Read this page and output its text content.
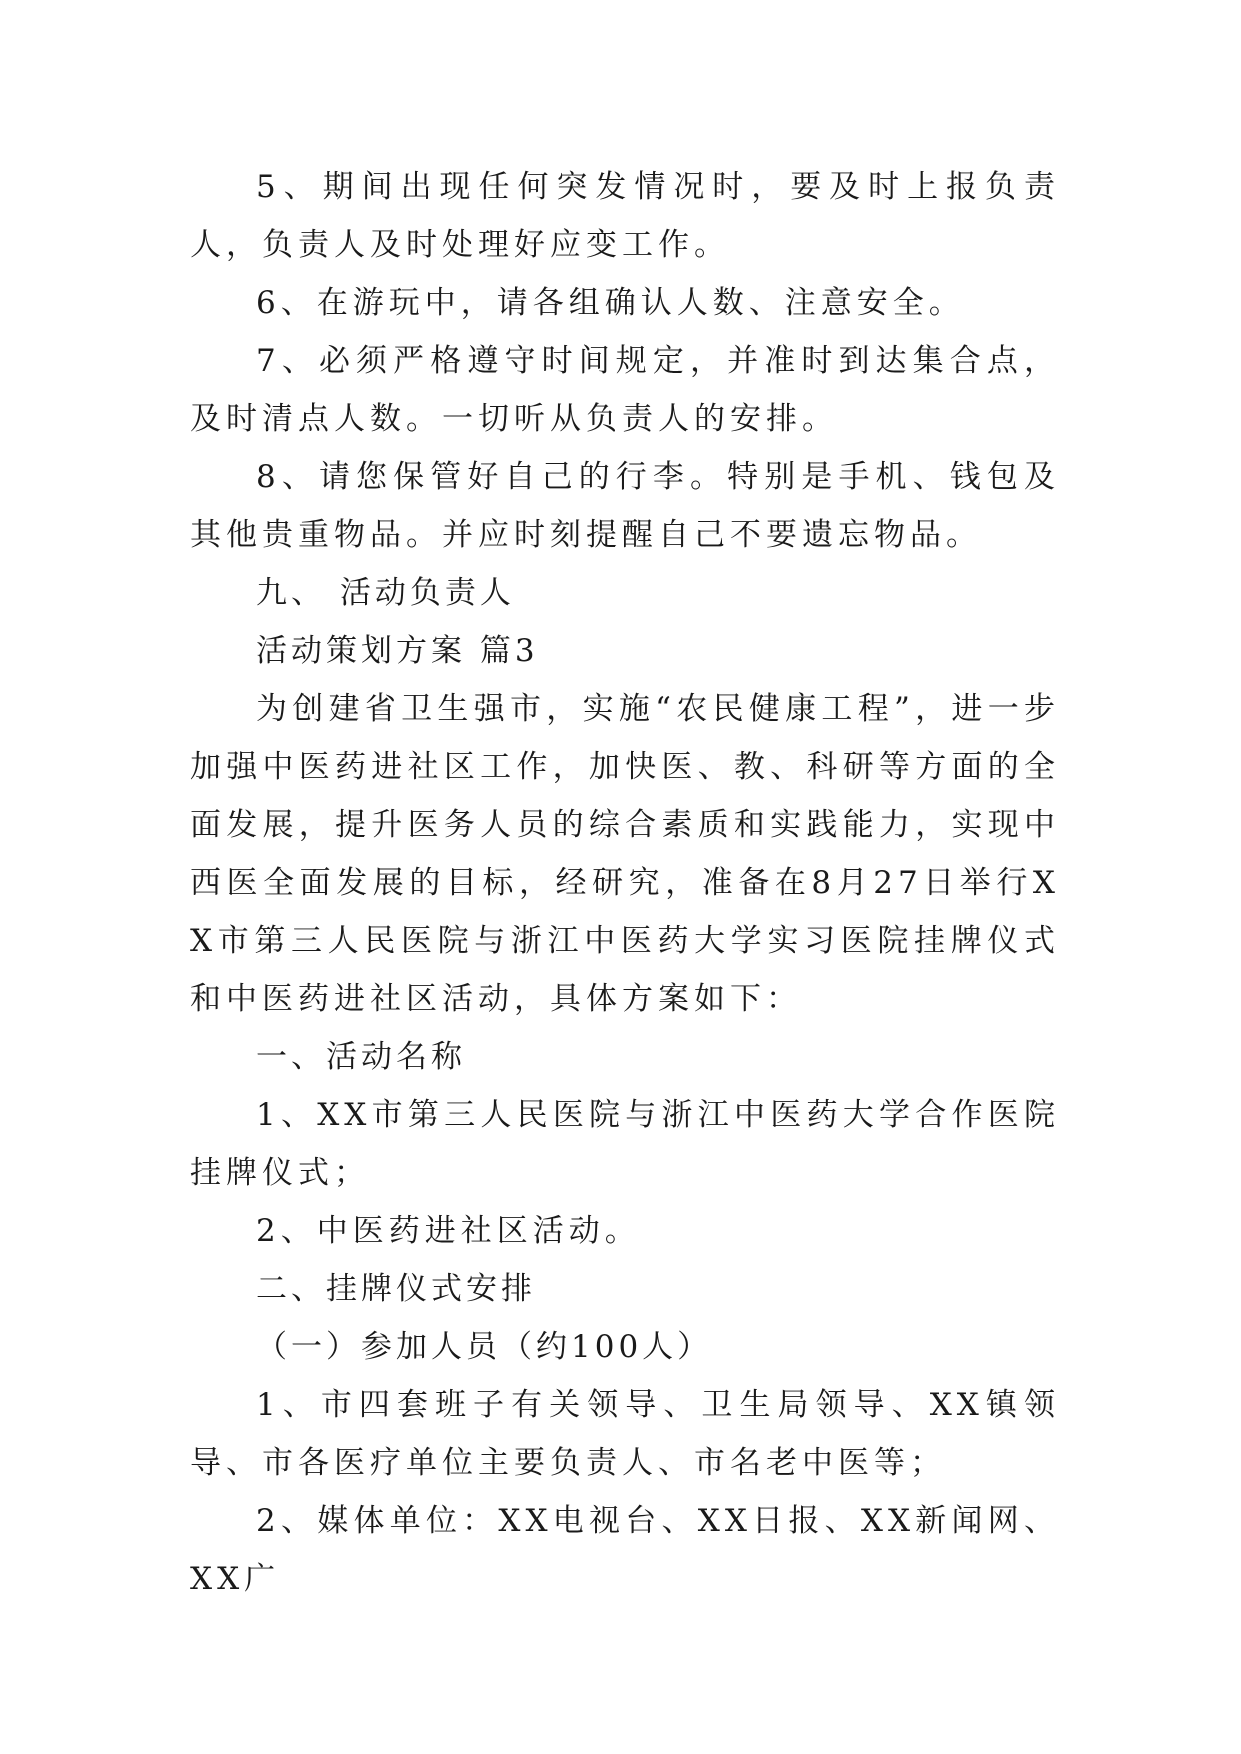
5、期间出现任何突发情况时，要及时上报负责人，负责人及时处理好应变工作。

6、在游玩中，请各组确认人数、注意安全。

7、必须严格遵守时间规定，并准时到达集合点，及时清点人数。一切听从负责人的安排。

8、请您保管好自己的行李。特别是手机、钱包及其他贵重物品。并应时刻提醒自己不要遗忘物品。

九、 活动负责人

活动策划方案 篇3

为创建省卫生强市，实施“农民健康工程”，进一步加强中医药进社区工作，加快医、教、科研等方面的全面发展，提升医务人员的综合素质和实践能力，实现中西医全面发展的目标，经研究，准备在8月27日举行XX市第三人民医院与浙江中医药大学实习医院挂牌仪式和中医药进社区活动，具体方案如下：

一、活动名称

1、XX市第三人民医院与浙江中医药大学合作医院挂牌仪式；

2、中医药进社区活动。

二、挂牌仪式安排

（一）参加人员（约100人）

1、市四套班子有关领导、卫生局领导、XX镇领导、市各医疗单位主要负责人、市名老中医等；

2、媒体单位：XX电视台、XX日报、XX新闻网、XX广
